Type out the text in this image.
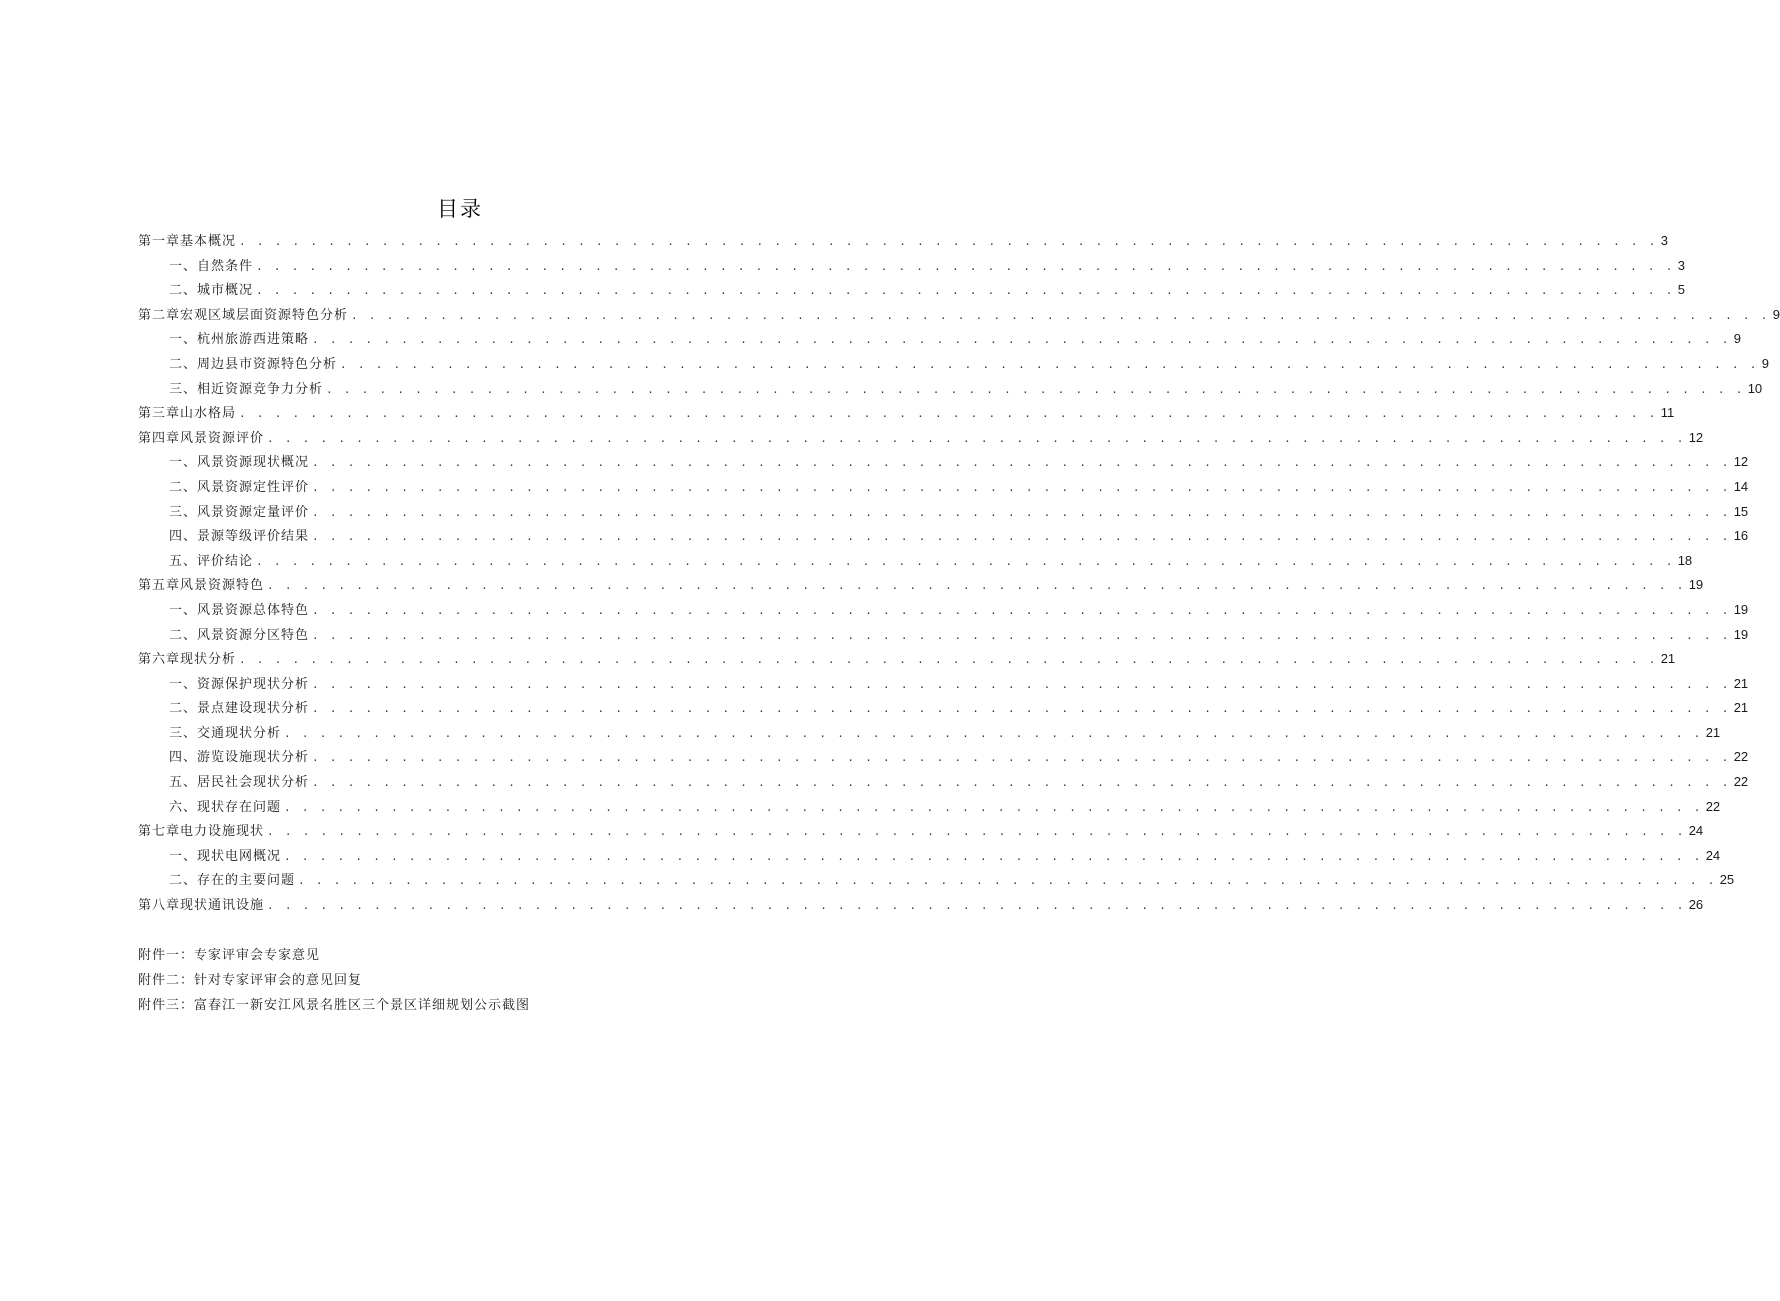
目录
第一章基本概况 . . . . . . . . . . . . . . . . . . . . . . . . . . . . . . . . . . . . . . . . . . . . . . . . . . . . . . . . . . . . . . . . . . . . . . . . . . . . . . . . 3
一、自然条件 . . . . . . . . . . . . . . . . . . . . . . . . . . . . . . . . . . . . . . . . . . . . . . . . . . . . . . . . . . . . . . . . . . . . . . . . . . . . . . . . 3
二、城市概况 . . . . . . . . . . . . . . . . . . . . . . . . . . . . . . . . . . . . . . . . . . . . . . . . . . . . . . . . . . . . . . . . . . . . . . . . . . . . . . . . 5
第二章宏观区域层面资源特色分析 . . . . . . . . . . . . . . . . . . . . . . . . . . . . . . . . . . . . . . . . . . . . . . . . . . . . . . . . . . . . . . . . . . . . . . . . . . . . . . . . 9
一、杭州旅游西进策略 . . . . . . . . . . . . . . . . . . . . . . . . . . . . . . . . . . . . . . . . . . . . . . . . . . . . . . . . . . . . . . . . . . . . . . . . . . . . . . . . 9
二、周边县市资源特色分析 . . . . . . . . . . . . . . . . . . . . . . . . . . . . . . . . . . . . . . . . . . . . . . . . . . . . . . . . . . . . . . . . . . . . . . . . . . . . . . . . 9
三、相近资源竞争力分析 . . . . . . . . . . . . . . . . . . . . . . . . . . . . . . . . . . . . . . . . . . . . . . . . . . . . . . . . . . . . . . . . . . . . . . . . . . . . . . . . 10
第三章山水格局 . . . . . . . . . . . . . . . . . . . . . . . . . . . . . . . . . . . . . . . . . . . . . . . . . . . . . . . . . . . . . . . . . . . . . . . . . . . . . . . . 11
第四章风景资源评价 . . . . . . . . . . . . . . . . . . . . . . . . . . . . . . . . . . . . . . . . . . . . . . . . . . . . . . . . . . . . . . . . . . . . . . . . . . . . . . . . 12
一、风景资源现状概况 . . . . . . . . . . . . . . . . . . . . . . . . . . . . . . . . . . . . . . . . . . . . . . . . . . . . . . . . . . . . . . . . . . . . . . . . . . . . . . . . 12
二、风景资源定性评价 . . . . . . . . . . . . . . . . . . . . . . . . . . . . . . . . . . . . . . . . . . . . . . . . . . . . . . . . . . . . . . . . . . . . . . . . . . . . . . . . 14
三、风景资源定量评价 . . . . . . . . . . . . . . . . . . . . . . . . . . . . . . . . . . . . . . . . . . . . . . . . . . . . . . . . . . . . . . . . . . . . . . . . . . . . . . . . 15
四、景源等级评价结果 . . . . . . . . . . . . . . . . . . . . . . . . . . . . . . . . . . . . . . . . . . . . . . . . . . . . . . . . . . . . . . . . . . . . . . . . . . . . . . . . 16
五、评价结论 . . . . . . . . . . . . . . . . . . . . . . . . . . . . . . . . . . . . . . . . . . . . . . . . . . . . . . . . . . . . . . . . . . . . . . . . . . . . . . . . 18
第五章风景资源特色 . . . . . . . . . . . . . . . . . . . . . . . . . . . . . . . . . . . . . . . . . . . . . . . . . . . . . . . . . . . . . . . . . . . . . . . . . . . . . . . . 19
一、风景资源总体特色 . . . . . . . . . . . . . . . . . . . . . . . . . . . . . . . . . . . . . . . . . . . . . . . . . . . . . . . . . . . . . . . . . . . . . . . . . . . . . . . . 19
二、风景资源分区特色 . . . . . . . . . . . . . . . . . . . . . . . . . . . . . . . . . . . . . . . . . . . . . . . . . . . . . . . . . . . . . . . . . . . . . . . . . . . . . . . . 19
第六章现状分析 . . . . . . . . . . . . . . . . . . . . . . . . . . . . . . . . . . . . . . . . . . . . . . . . . . . . . . . . . . . . . . . . . . . . . . . . . . . . . . . . 21
一、资源保护现状分析 . . . . . . . . . . . . . . . . . . . . . . . . . . . . . . . . . . . . . . . . . . . . . . . . . . . . . . . . . . . . . . . . . . . . . . . . . . . . . . . . 21
二、景点建设现状分析 . . . . . . . . . . . . . . . . . . . . . . . . . . . . . . . . . . . . . . . . . . . . . . . . . . . . . . . . . . . . . . . . . . . . . . . . . . . . . . . . 21
三、交通现状分析 . . . . . . . . . . . . . . . . . . . . . . . . . . . . . . . . . . . . . . . . . . . . . . . . . . . . . . . . . . . . . . . . . . . . . . . . . . . . . . . . 21
四、游览设施现状分析 . . . . . . . . . . . . . . . . . . . . . . . . . . . . . . . . . . . . . . . . . . . . . . . . . . . . . . . . . . . . . . . . . . . . . . . . . . . . . . . . 22
五、居民社会现状分析 . . . . . . . . . . . . . . . . . . . . . . . . . . . . . . . . . . . . . . . . . . . . . . . . . . . . . . . . . . . . . . . . . . . . . . . . . . . . . . . . 22
六、现状存在问题 . . . . . . . . . . . . . . . . . . . . . . . . . . . . . . . . . . . . . . . . . . . . . . . . . . . . . . . . . . . . . . . . . . . . . . . . . . . . . . . . 22
第七章电力设施现状 . . . . . . . . . . . . . . . . . . . . . . . . . . . . . . . . . . . . . . . . . . . . . . . . . . . . . . . . . . . . . . . . . . . . . . . . . . . . . . . . 24
一、现状电网概况 . . . . . . . . . . . . . . . . . . . . . . . . . . . . . . . . . . . . . . . . . . . . . . . . . . . . . . . . . . . . . . . . . . . . . . . . . . . . . . . . 24
二、存在的主要问题 . . . . . . . . . . . . . . . . . . . . . . . . . . . . . . . . . . . . . . . . . . . . . . . . . . . . . . . . . . . . . . . . . . . . . . . . . . . . . . . . 25
第八章现状通讯设施 . . . . . . . . . . . . . . . . . . . . . . . . . . . . . . . . . . . . . . . . . . . . . . . . . . . . . . . . . . . . . . . . . . . . . . . . . . . . . . . . 26
附件一：专家评审会专家意见
附件二：针对专家评审会的意见回复
附件三：富春江一新安江风景名胜区三个景区详细规划公示截图
